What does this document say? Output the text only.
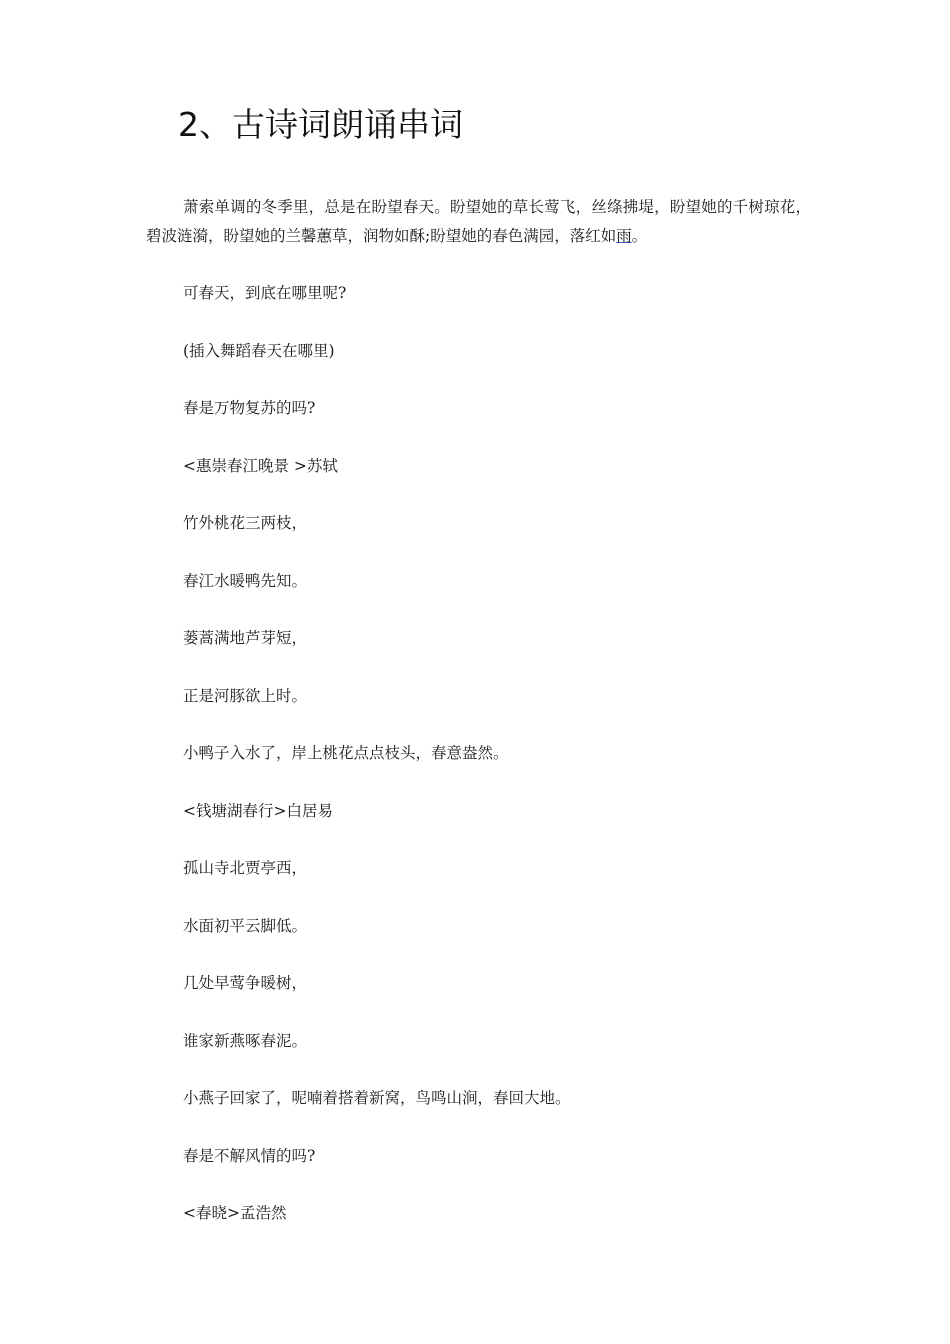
2、古诗词朗诵串词

萧索单调的冬季里，总是在盼望春天。盼望她的草长莺飞，丝绦拂堤，盼望她的千树琼花，碧波涟漪，盼望她的兰馨蕙草，润物如酥;盼望她的春色满园，落红如雨。

可春天，到底在哪里呢?
(插入舞蹈春天在哪里)
春是万物复苏的吗?
<惠崇春江晚景 >苏轼
竹外桃花三两枝，
春江水暖鸭先知。
蒌蒿满地芦芽短，
正是河豚欲上时。
小鸭子入水了，岸上桃花点点枝头，春意盎然。
<钱塘湖春行>白居易
孤山寺北贾亭西，
水面初平云脚低。
几处早莺争暖树，
谁家新燕啄春泥。
小燕子回家了，呢喃着搭着新窝，鸟鸣山涧，春回大地。
春是不解风情的吗?
<春晓>孟浩然
